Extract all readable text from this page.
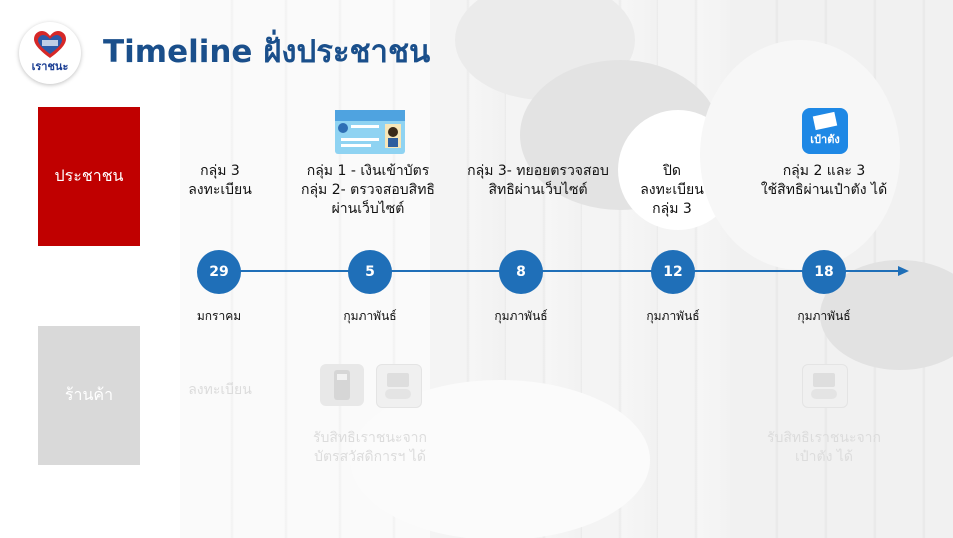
เราชนะ Timeline ฝั่งประชาชน
ประชาชน
ร้านค้า
กลุ่ม 3
ลงทะเบียน
กลุ่ม 1 - เงินเข้าบัตร
กลุ่ม 2- ตรวจสอบสิทธิ
ผ่านเว็บไซต์
กลุ่ม 3- ทยอยตรวจสอบ
สิทธิผ่านเว็บไซต์
ปิด
ลงทะเบียน
กลุ่ม 3
กลุ่ม 2 และ 3
ใช้สิทธิผ่านเป๋าตัง ได้
เป๋าตัง
29	5	8	12	18
มกราคม	กุมภาพันธ์	กุมภาพันธ์	กุมภาพันธ์	กุมภาพันธ์
ลงทะเบียน
รับสิทธิเราชนะจาก
บัตรสวัสดิการฯ ได้
รับสิทธิเราชนะจาก
เป๋าตัง ได้
